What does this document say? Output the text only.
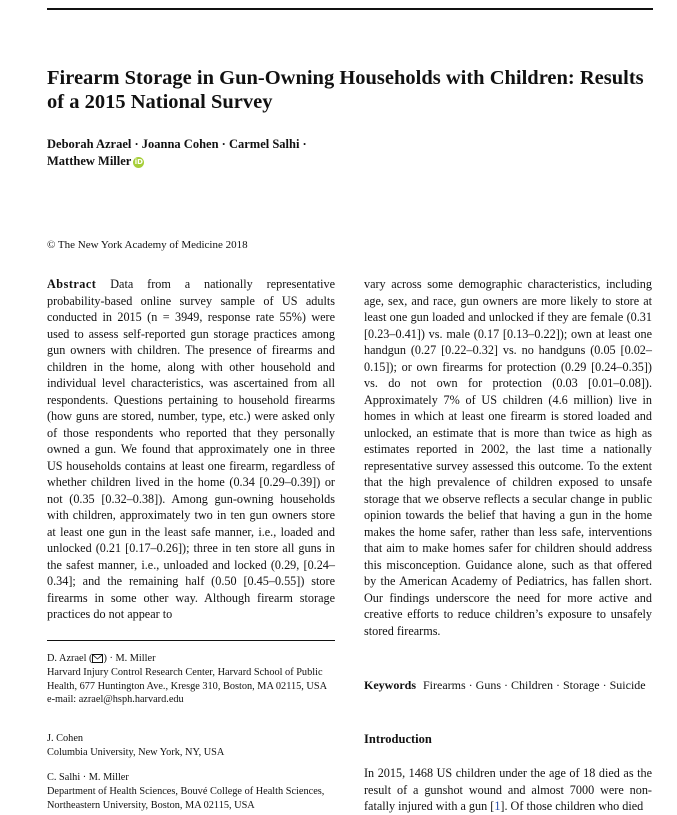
Firearm Storage in Gun-Owning Households with Children: Results of a 2015 National Survey
Deborah Azrael · Joanna Cohen · Carmel Salhi ·
Matthew Miller iD
© The New York Academy of Medicine 2018
Abstract Data from a nationally representative probability-based online survey sample of US adults conducted in 2015 (n = 3949, response rate 55%) were used to assess self-reported gun storage practices among gun owners with children. The presence of firearms and children in the home, along with other household and individual level characteristics, was ascertained from all respondents. Questions pertaining to household firearms (how guns are stored, number, type, etc.) were asked only of those respondents who reported that they personally owned a gun. We found that approximately one in three US households contains at least one firearm, regardless of whether children lived in the home (0.34 [0.29–0.39]) or not (0.35 [0.32–0.38]). Among gun-owning households with children, approximately two in ten gun owners store at least one gun in the least safe manner, i.e., loaded and unlocked (0.21 [0.17–0.26]); three in ten store all guns in the safest manner, i.e., unloaded and locked (0.29, [0.24–0.34]; and the remaining half (0.50 [0.45–0.55]) store firearms in some other way. Although firearm storage practices do not appear to
vary across some demographic characteristics, including age, sex, and race, gun owners are more likely to store at least one gun loaded and unlocked if they are female (0.31 [0.23–0.41]) vs. male (0.17 [0.13–0.22]); own at least one handgun (0.27 [0.22–0.32] vs. no handguns (0.05 [0.02–0.15]); or own firearms for protection (0.29 [0.24–0.35]) vs. do not own for protection (0.03 [0.01–0.08]). Approximately 7% of US children (4.6 million) live in homes in which at least one firearm is stored loaded and unlocked, an estimate that is more than twice as high as estimates reported in 2002, the last time a nationally representative survey assessed this outcome. To the extent that the high prevalence of children exposed to unsafe storage that we observe reflects a secular change in public opinion towards the belief that having a gun in the home makes the home safer, rather than less safe, interventions that aim to make homes safer for children should address this misconception. Guidance alone, such as that offered by the American Academy of Pediatrics, has fallen short. Our findings underscore the need for more active and creative efforts to reduce children’s exposure to unsafely stored firearms.
D. Azrael ( ) · M. Miller
Harvard Injury Control Research Center, Harvard School of Public Health, 677 Huntington Ave., Kresge 310, Boston, MA 02115, USA
e-mail: azrael@hsph.harvard.edu
J. Cohen
Columbia University, New York, NY, USA
C. Salhi · M. Miller
Department of Health Sciences, Bouvé College of Health Sciences, Northeastern University, Boston, MA 02115, USA
Keywords Firearms · Guns · Children · Storage · Suicide
Introduction
In 2015, 1468 US children under the age of 18 died as the result of a gunshot wound and almost 7000 were non-fatally injured with a gun [1]. Of those children who died
